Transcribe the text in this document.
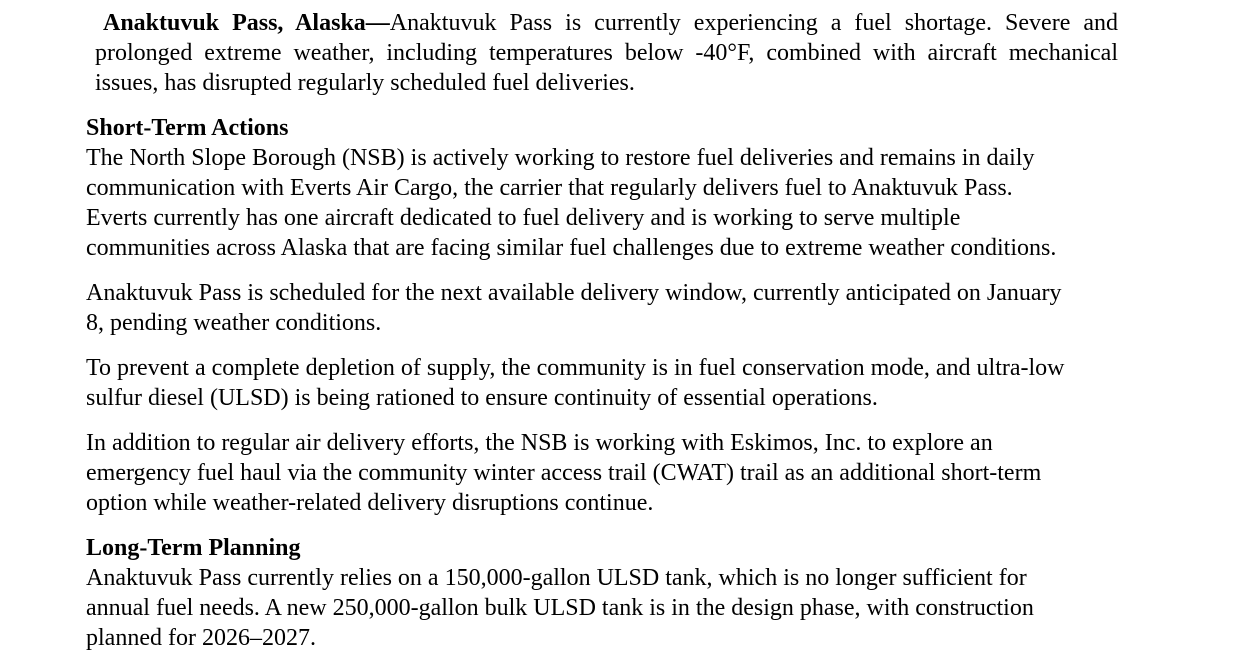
Anaktuvuk Pass, Alaska—Anaktuvuk Pass is currently experiencing a fuel shortage. Severe and
prolonged extreme weather, including temperatures below -40°F, combined with aircraft mechanical
issues, has disrupted regularly scheduled fuel deliveries.
Short-Term Actions
The North Slope Borough (NSB) is actively working to restore fuel deliveries and remains in daily
communication with Everts Air Cargo, the carrier that regularly delivers fuel to Anaktuvuk Pass.
Everts currently has one aircraft dedicated to fuel delivery and is working to serve multiple
communities across Alaska that are facing similar fuel challenges due to extreme weather conditions.
Anaktuvuk Pass is scheduled for the next available delivery window, currently anticipated on January
8, pending weather conditions.
To prevent a complete depletion of supply, the community is in fuel conservation mode, and ultra-low
sulfur diesel (ULSD) is being rationed to ensure continuity of essential operations.
In addition to regular air delivery efforts, the NSB is working with Eskimos, Inc. to explore an
emergency fuel haul via the community winter access trail (CWAT) trail as an additional short-term
option while weather-related delivery disruptions continue.
Long-Term Planning
Anaktuvuk Pass currently relies on a 150,000-gallon ULSD tank, which is no longer sufficient for
annual fuel needs. A new 250,000-gallon bulk ULSD tank is in the design phase, with construction
planned for 2026–2027.
